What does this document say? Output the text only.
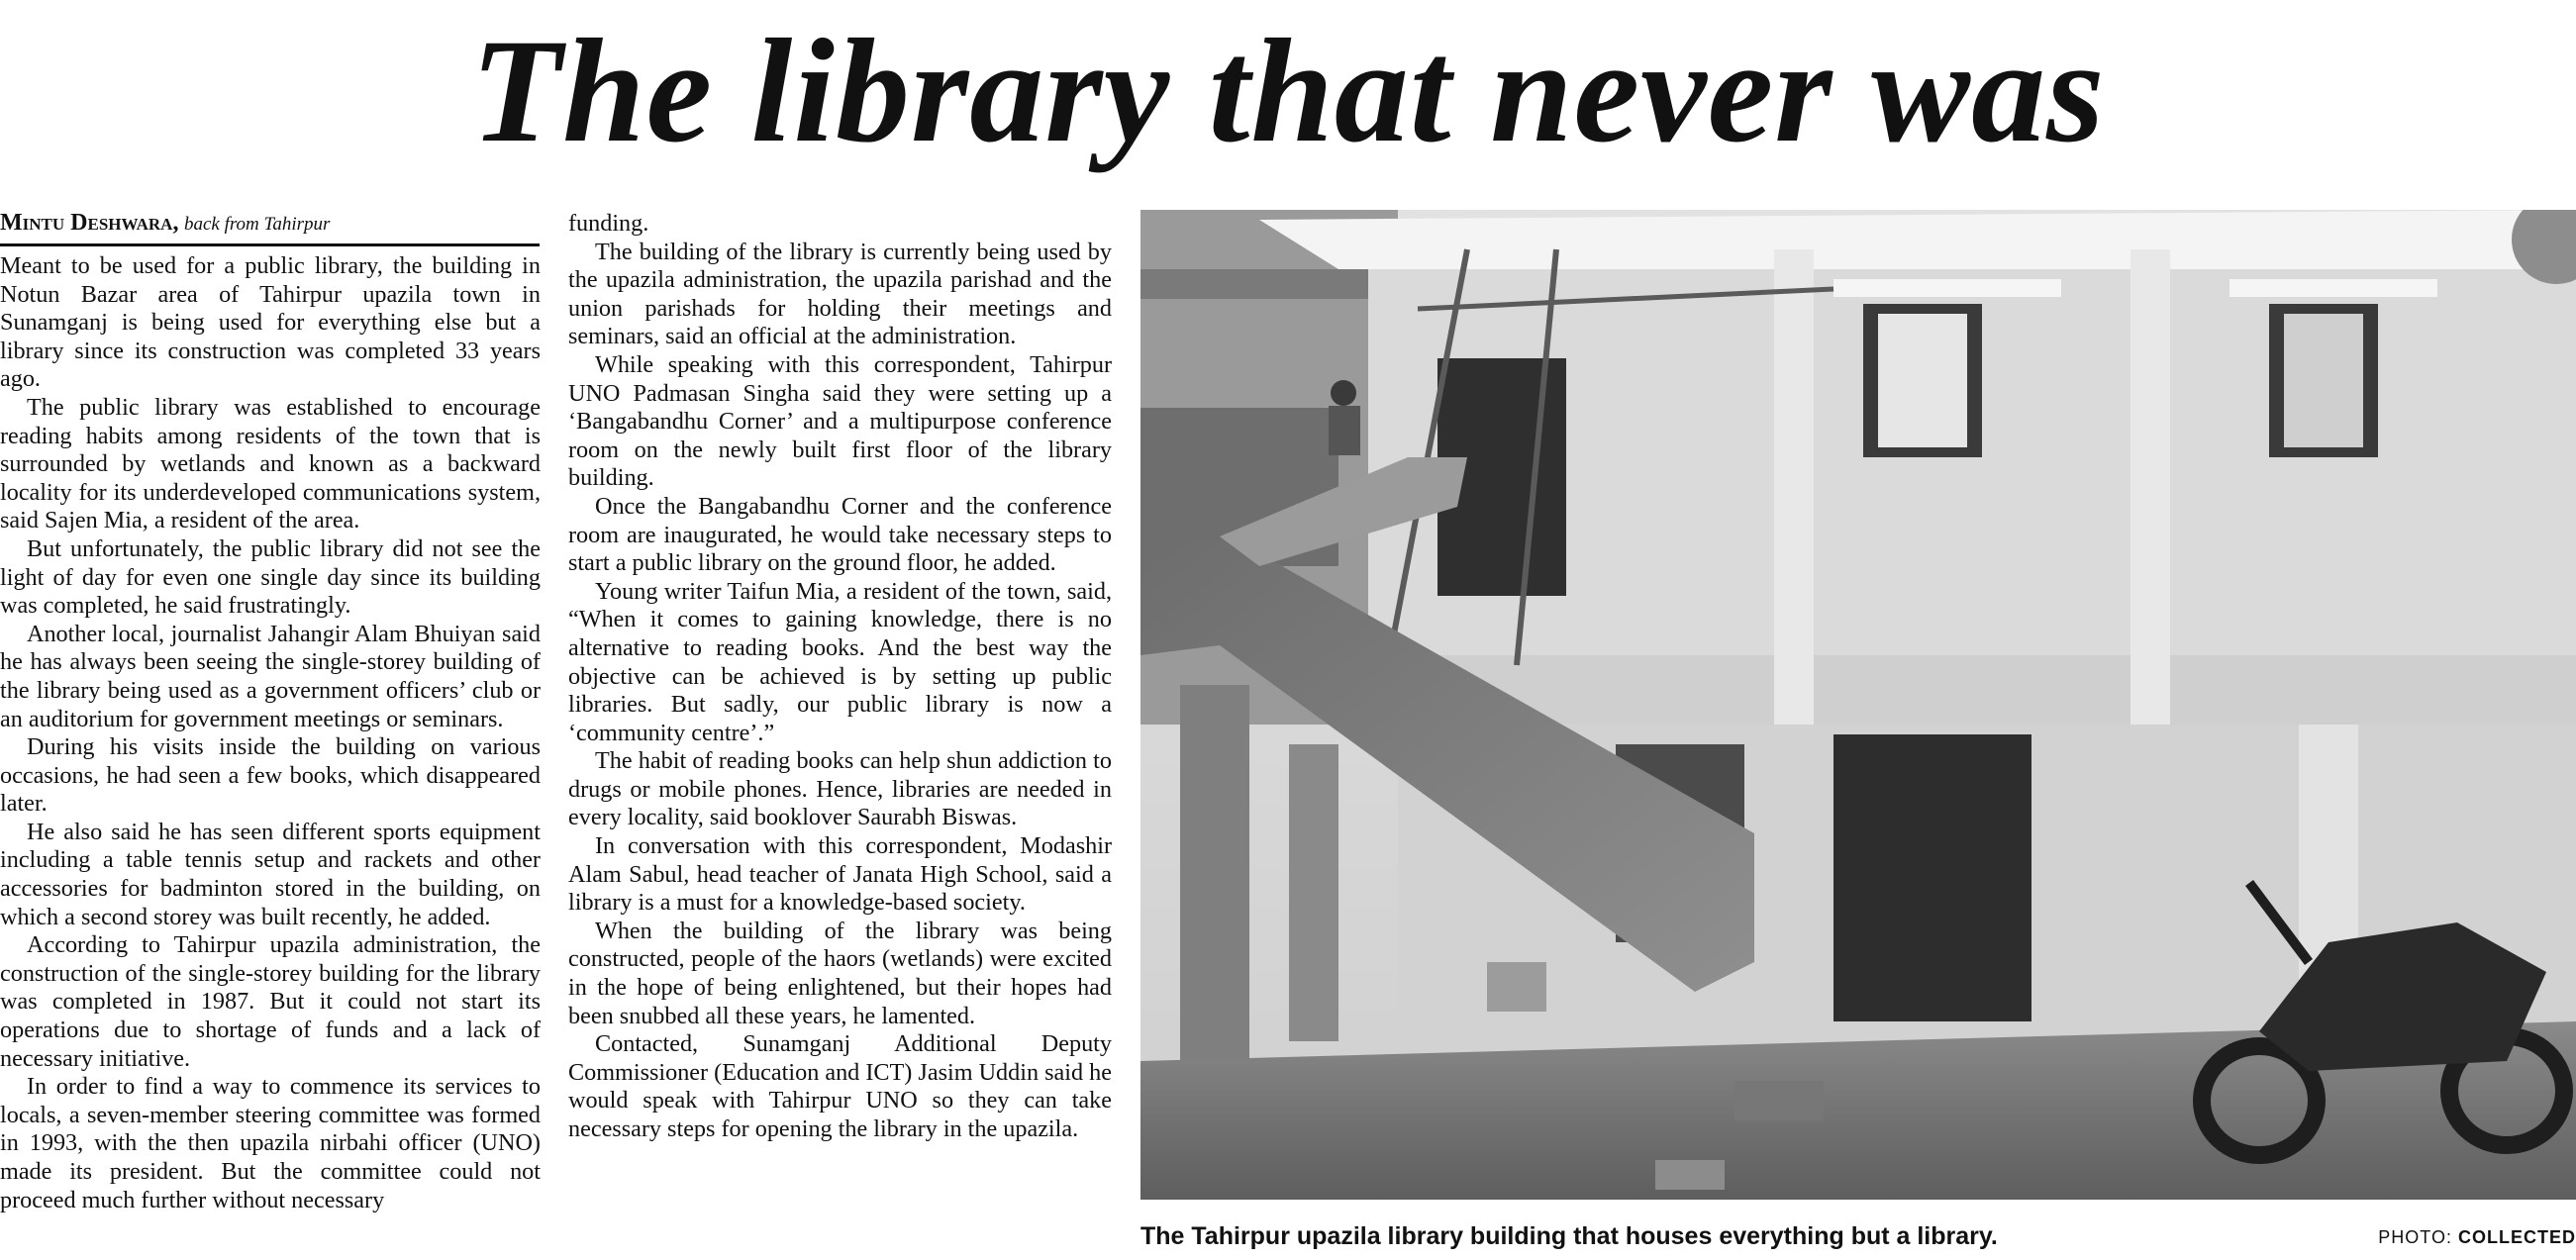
The library that never was
Mintu Deshwara, back from Tahirpur

Meant to be used for a public library, the building in Notun Bazar area of Tahirpur upazila town in Sunamganj is being used for everything else but a library since its construction was completed 33 years ago.

The public library was established to encourage reading habits among residents of the town that is surrounded by wetlands and known as a backward locality for its underdeveloped communications system, said Sajen Mia, a resident of the area.

But unfortunately, the public library did not see the light of day for even one single day since its building was completed, he said frustratingly.

Another local, journalist Jahangir Alam Bhuiyan said he has always been seeing the single-storey building of the library being used as a government officers’ club or an auditorium for government meetings or seminars.

During his visits inside the building on various occasions, he had seen a few books, which disappeared later.

He also said he has seen different sports equipment including a table tennis setup and rackets and other accessories for badminton stored in the building, on which a second storey was built recently, he added.

According to Tahirpur upazila administration, the construction of the single-storey building for the library was completed in 1987. But it could not start its operations due to shortage of funds and a lack of necessary initiative.

In order to find a way to commence its services to locals, a seven-member steering committee was formed in 1993, with the then upazila nirbahi officer (UNO) made its president. But the committee could not proceed much further without necessary

funding.

The building of the library is currently being used by the upazila administration, the upazila parishad and the union parishads for holding their meetings and seminars, said an official at the administration.

While speaking with this correspondent, Tahirpur UNO Padmasan Singha said they were setting up a ‘Bangabandhu Corner’ and a multipurpose conference room on the newly built first floor of the library building.

Once the Bangabandhu Corner and the conference room are inaugurated, he would take necessary steps to start a public library on the ground floor, he added.

Young writer Taifun Mia, a resident of the town, said, “When it comes to gaining knowledge, there is no alternative to reading books. And the best way the objective can be achieved is by setting up public libraries. But sadly, our public library is now a ‘community centre’.”

The habit of reading books can help shun addiction to drugs or mobile phones. Hence, libraries are needed in every locality, said booklover Saurabh Biswas.

In conversation with this correspondent, Modashir Alam Sabul, head teacher of Janata High School, said a library is a must for a knowledge-based society.

When the building of the library was being constructed, people of the haors (wetlands) were excited in the hope of being enlightened, but their hopes had been snubbed all these years, he lamented.

Contacted, Sunamganj Additional Deputy Commissioner (Education and ICT) Jasim Uddin said he would speak with Tahirpur UNO so they can take necessary steps for opening the library in the upazila.

The Tahirpur upazila library building that houses everything but a library.	PHOTO: COLLECTED
